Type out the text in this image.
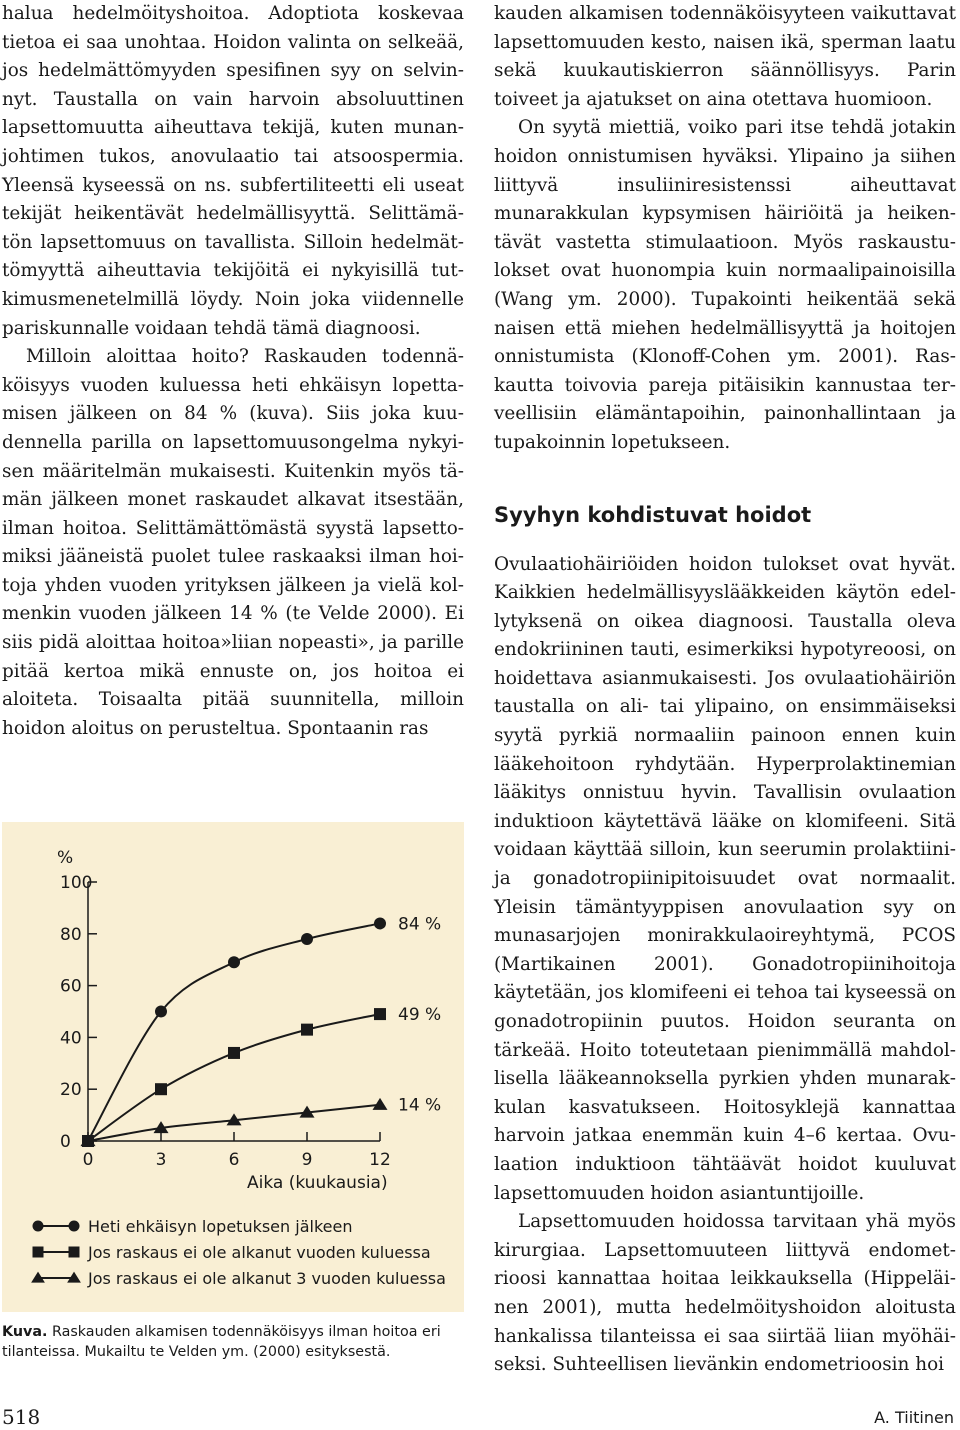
halua hedelmöityshoitoa. Adoptiota koskevaa tietoa ei saa unohtaa. Hoidon valinta on selkeää, jos hedelmättömyyden spesifinen syy on selvinnyt. Taustalla on vain harvoin absoluuttinen lapsettomuutta aiheuttava tekijä, kuten munanjohtimen tukos, anovulaatio tai atsoospermia. Yleensä kyseessä on ns. subfertiliteetti eli useat tekijät heikentävät hedelmällisyyttä. Selittämätön lapsettomuus on tavallista. Silloin hedelmättömyyttä aiheuttavia tekijöitä ei nykyisillä tutkimusmenetelmillä löydy. Noin joka viidennelle pariskunnalle voidaan tehdä tämä diagnoosi.

Milloin aloittaa hoito? Raskauden todennäköisyys vuoden kuluessa heti ehkäisyn lopettamisen jälkeen on 84 % (kuva). Siis joka kuudennella parilla on lapsettomuusongelma nykyisen määritelmän mukaisesti. Kuitenkin myös tämän jälkeen monet raskaudet alkavat itsestään, ilman hoitoa. Selittämättömästä syystä lapsettomiksi jääneistä puolet tulee raskaaksi ilman hoitoja yhden vuoden yrityksen jälkeen ja vielä kolmenkin vuoden jälkeen 14 % (te Velde 2000). Ei siis pidä aloittaa hoitoa»liian nopeasti», ja parille pitää kertoa mikä ennuste on, jos hoitoa ei aloiteta. Toisaalta pitää suunnitella, milloin hoidon aloitus on perusteltua. Spontaanin ras

%
0
20
40
60
80
100
0	3	6	9	12
84 %
49 %
14 %
Aika (kuukausia)
Heti ehkäisyn lopetuksen jälkeen
Jos raskaus ei ole alkanut vuoden kuluessa
Jos raskaus ei ole alkanut 3 vuoden kuluessa
Kuva. Raskauden alkamisen todennäköisyys ilman hoitoa eri tilanteissa. Mukailtu te Velden ym. (2000) esityksestä.

kauden alkamisen todennäköisyyteen vaikuttavat lapsettomuuden kesto, naisen ikä, sperman laatu sekä kuukautiskierron säännöllisyys. Parin toiveet ja ajatukset on aina otettava huomioon.

On syytä miettiä, voiko pari itse tehdä jotakin hoidon onnistumisen hyväksi. Ylipaino ja siihen liittyvä insuliiniresistenssi aiheuttavat munarakkulan kypsymisen häiriöitä ja heikentävät vastetta stimulaatioon. Myös raskaustulokset ovat huonompia kuin normaalipainoisilla (Wang ym. 2000). Tupakointi heikentää sekä naisen että miehen hedelmällisyyttä ja hoitojen onnistumista (Klonoff-Cohen ym. 2001). Raskautta toivovia pareja pitäisikin kannustaa terveellisiin elämäntapoihin, painonhallintaan ja tupakoinnin lopetukseen.

Syyhyn kohdistuvat hoidot

Ovulaatiohäiriöiden hoidon tulokset ovat hyvät. Kaikkien hedelmällisyyslääkkeiden käytön edellytyksenä on oikea diagnoosi. Taustalla oleva endokriininen tauti, esimerkiksi hypotyreoosi, on hoidettava asianmukaisesti. Jos ovulaatiohäiriön taustalla on ali- tai ylipaino, on ensimmäiseksi syytä pyrkiä normaaliin painoon ennen kuin lääkehoitoon ryhdytään. Hyperprolaktinemian lääkitys onnistuu hyvin. Tavallisin ovulaation induktioon käytettävä lääke on klomifeeni. Sitä voidaan käyttää silloin, kun seerumin prolaktiini- ja gonadotropiinipitoisuudet ovat normaalit. Yleisin tämäntyyppisen anovulaation syy on munasarjojen monirakkulaoireyhtymä, PCOS (Martikainen 2001). Gonadotropiinihoitoja käytetään, jos klomifeeni ei tehoa tai kyseessä on gonadotropiinin puutos. Hoidon seuranta on tärkeää. Hoito toteutetaan pienimmällä mahdollisella lääkeannoksella pyrkien yhden munarakkulan kasvatukseen. Hoitosyklejä kannattaa harvoin jatkaa enemmän kuin 4–6 kertaa. Ovulaation induktioon tähtäävät hoidot kuuluvat lapsettomuuden hoidon asiantuntijoille.

Lapsettomuuden hoidossa tarvitaan yhä myös kirurgiaa. Lapsettomuuteen liittyvä endometrioosi kannattaa hoitaa leikkauksella (Hippeläinen 2001), mutta hedelmöityshoidon aloitusta hankalissa tilanteissa ei saa siirtää liian myöhäiseksi. Suhteellisen lievänkin endometrioosin hoi

518	A. Tiitinen
